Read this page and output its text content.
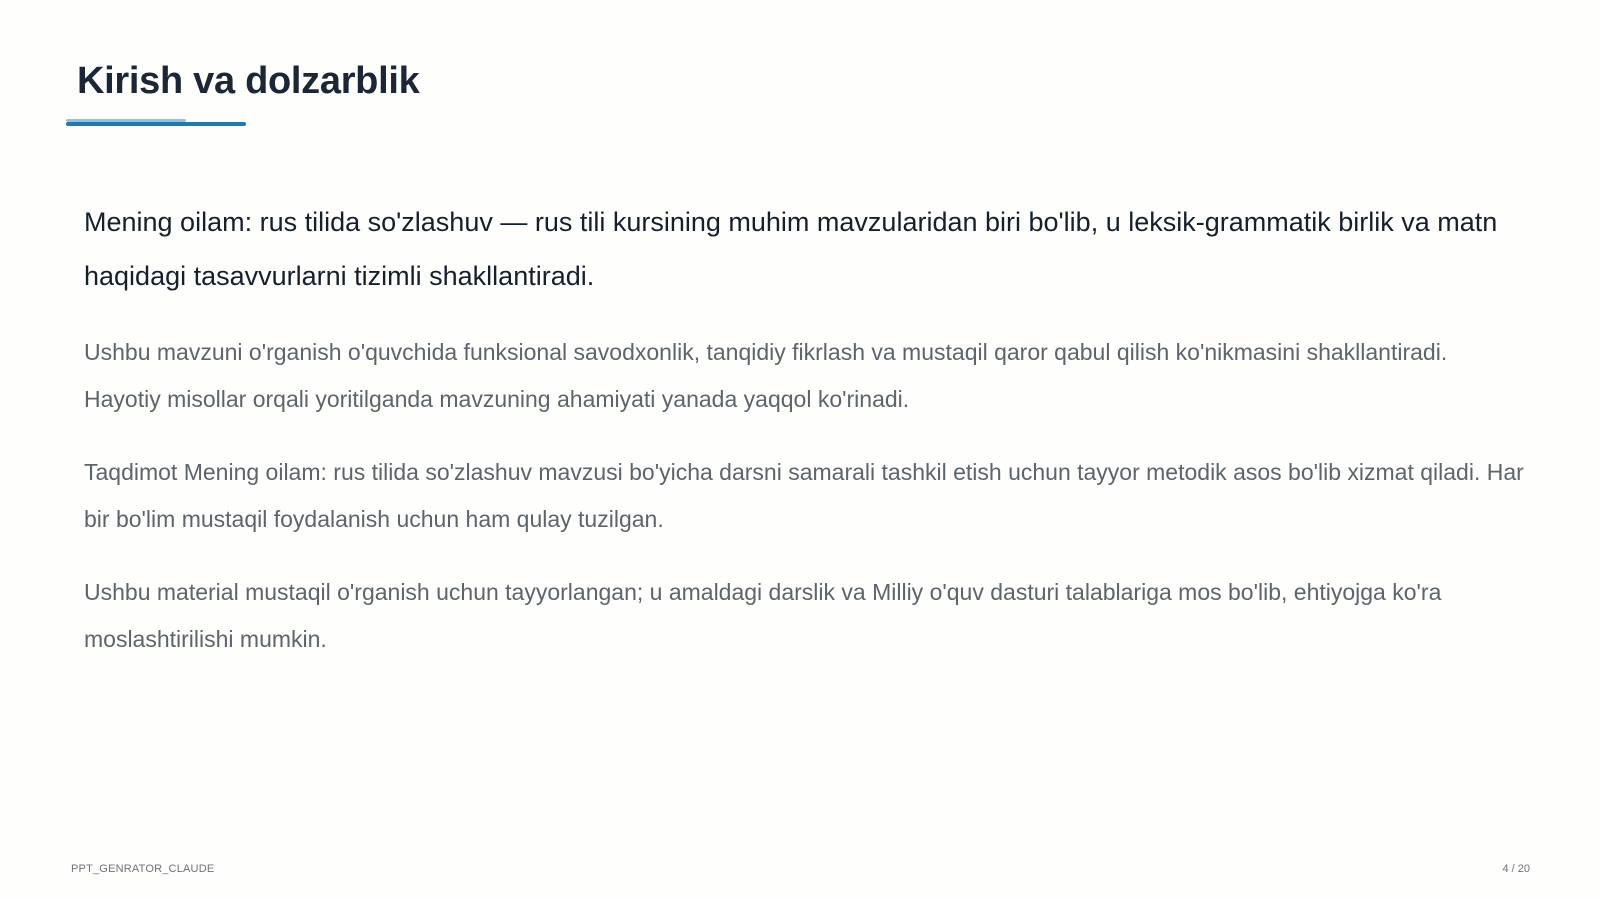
Kirish va dolzarblik

Mening oilam: rus tilida so'zlashuv — rus tili kursining muhim mavzularidan biri bo'lib, u leksik-grammatik birlik va matn haqidagi tasavvurlarni tizimli shakllantiradi.

Ushbu mavzuni o'rganish o'quvchida funksional savodxonlik, tanqidiy fikrlash va mustaqil qaror qabul qilish ko'nikmasini shakllantiradi. Hayotiy misollar orqali yoritilganda mavzuning ahamiyati yanada yaqqol ko'rinadi.

Taqdimot Mening oilam: rus tilida so'zlashuv mavzusi bo'yicha darsni samarali tashkil etish uchun tayyor metodik asos bo'lib xizmat qiladi. Har bir bo'lim mustaqil foydalanish uchun ham qulay tuzilgan.

Ushbu material mustaqil o'rganish uchun tayyorlangan; u amaldagi darslik va Milliy o'quv dasturi talablariga mos bo'lib, ehtiyojga ko'ra moslashtirilishi mumkin.

PPT_GENRATOR_CLAUDE	4 / 20
